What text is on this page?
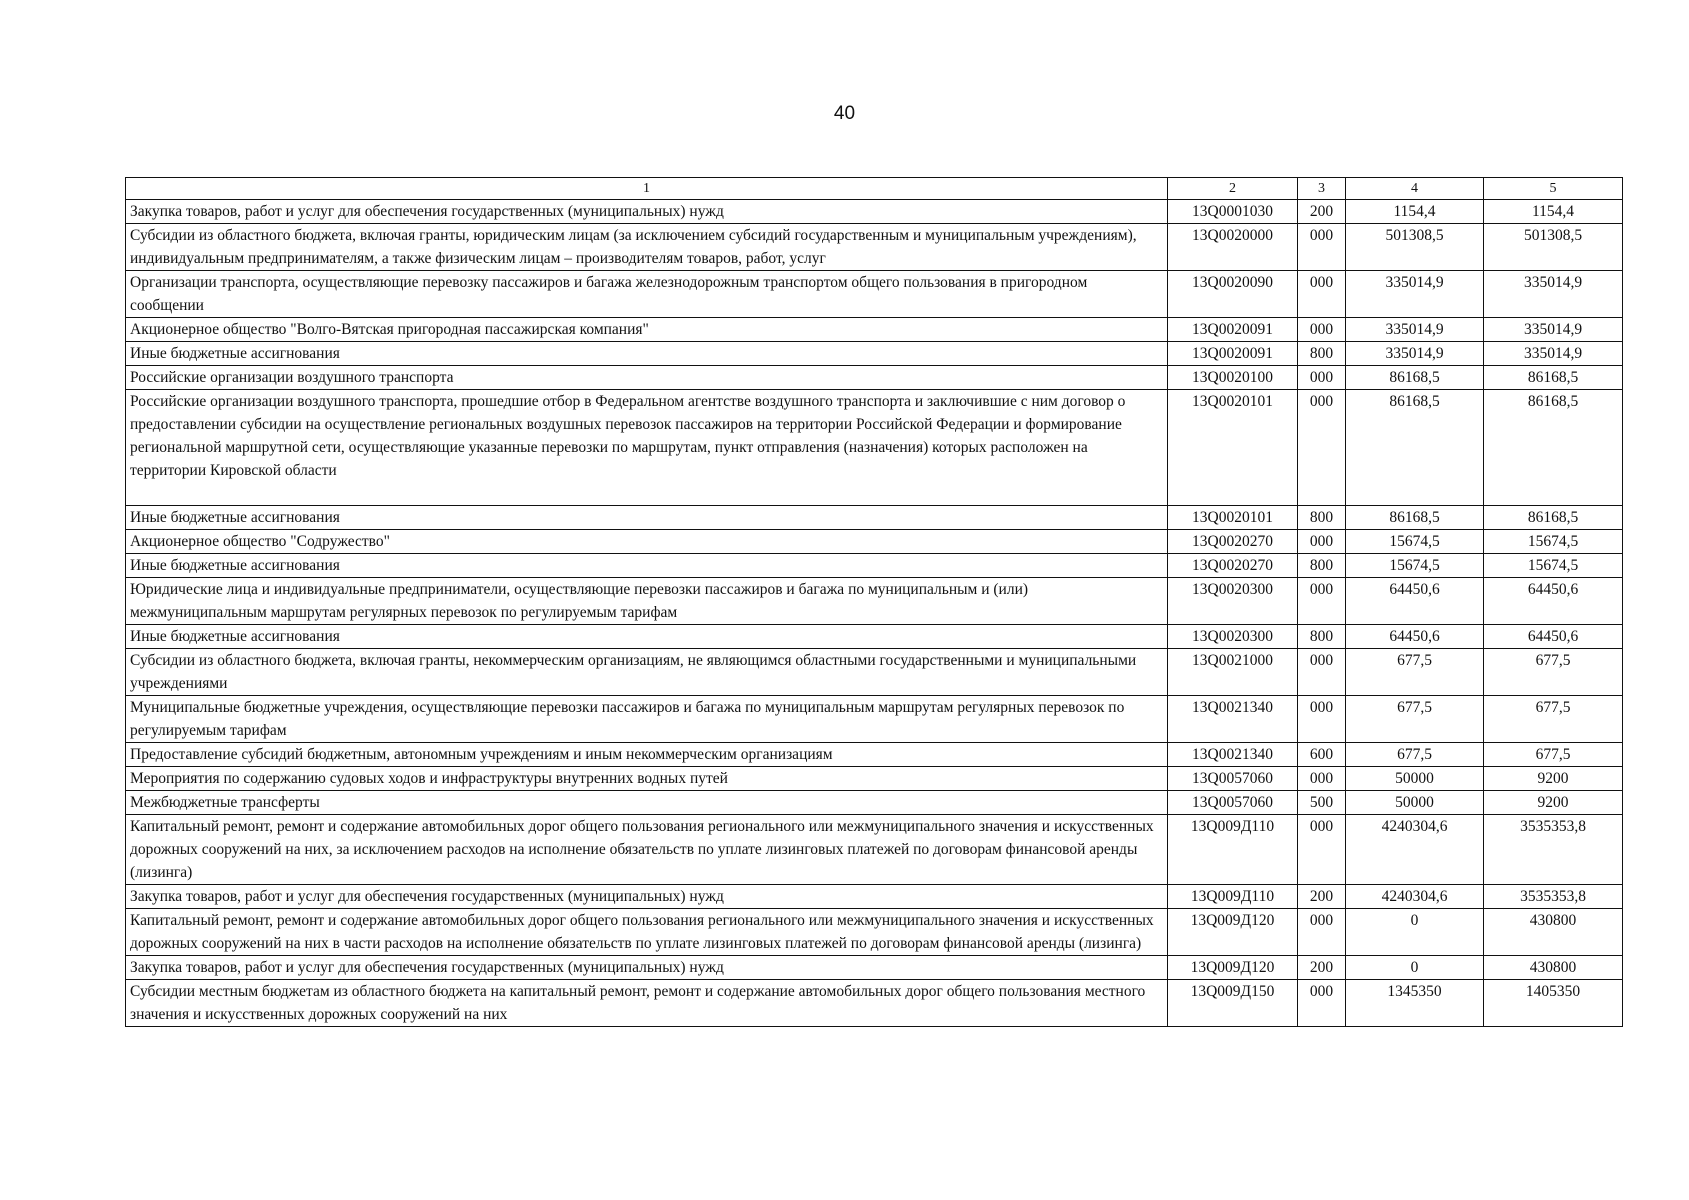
40
1	2	3	4	5
Закупка товаров, работ и услуг для обеспечения государственных (муниципальных) нужд	13Q0001030	200	1154,4	1154,4
Субсидии из областного бюджета, включая гранты, юридическим лицам (за исключением субсидий государственным и муниципальным учреждениям), индивидуальным предпринимателям, а также физическим лицам – производителям товаров, работ, услуг	13Q0020000	000	501308,5	501308,5
Организации транспорта, осуществляющие перевозку пассажиров и багажа железнодорожным транспортом общего пользования в пригородном сообщении	13Q0020090	000	335014,9	335014,9
Акционерное общество "Волго-Вятская пригородная пассажирская компания"	13Q0020091	000	335014,9	335014,9
Иные бюджетные ассигнования	13Q0020091	800	335014,9	335014,9
Российские организации воздушного транспорта	13Q0020100	000	86168,5	86168,5
Российские организации воздушного транспорта, прошедшие отбор в Федеральном агентстве воздушного транспорта и заключившие с ним договор о предоставлении субсидии на осуществление региональных воздушных перевозок пассажиров на территории Российской Федерации и формирование региональной маршрутной сети, осуществляющие указанные перевозки по маршрутам, пункт отправления (назначения) которых расположен на территории Кировской области	13Q0020101	000	86168,5	86168,5
Иные бюджетные ассигнования	13Q0020101	800	86168,5	86168,5
Акционерное общество "Содружество"	13Q0020270	000	15674,5	15674,5
Иные бюджетные ассигнования	13Q0020270	800	15674,5	15674,5
Юридические лица и индивидуальные предприниматели, осуществляющие перевозки пассажиров и багажа по муниципальным и (или) межмуниципальным маршрутам регулярных перевозок по регулируемым тарифам	13Q0020300	000	64450,6	64450,6
Иные бюджетные ассигнования	13Q0020300	800	64450,6	64450,6
Субсидии из областного бюджета, включая гранты, некоммерческим организациям, не являющимся областными государственными и муниципальными учреждениями	13Q0021000	000	677,5	677,5
Муниципальные бюджетные учреждения, осуществляющие перевозки пассажиров и багажа по муниципальным маршрутам регулярных перевозок по регулируемым тарифам	13Q0021340	000	677,5	677,5
Предоставление субсидий бюджетным, автономным учреждениям и иным некоммерческим организациям	13Q0021340	600	677,5	677,5
Мероприятия по содержанию судовых ходов и инфраструктуры внутренних водных путей	13Q0057060	000	50000	9200
Межбюджетные трансферты	13Q0057060	500	50000	9200
Капитальный ремонт, ремонт и содержание автомобильных дорог общего пользования регионального или межмуниципального значения и искусственных дорожных сооружений на них, за исключением расходов на исполнение обязательств по уплате лизинговых платежей по договорам финансовой аренды (лизинга)	13Q009Д110	000	4240304,6	3535353,8
Закупка товаров, работ и услуг для обеспечения государственных (муниципальных) нужд	13Q009Д110	200	4240304,6	3535353,8
Капитальный ремонт, ремонт и содержание автомобильных дорог общего пользования регионального или межмуниципального значения и искусственных дорожных сооружений на них в части расходов на исполнение обязательств по уплате лизинговых платежей по договорам финансовой аренды (лизинга)	13Q009Д120	000	0	430800
Закупка товаров, работ и услуг для обеспечения государственных (муниципальных) нужд	13Q009Д120	200	0	430800
Субсидии местным бюджетам из областного бюджета на капитальный ремонт, ремонт и содержание автомобильных дорог общего пользования местного значения и искусственных дорожных сооружений на них	13Q009Д150	000	1345350	1405350
